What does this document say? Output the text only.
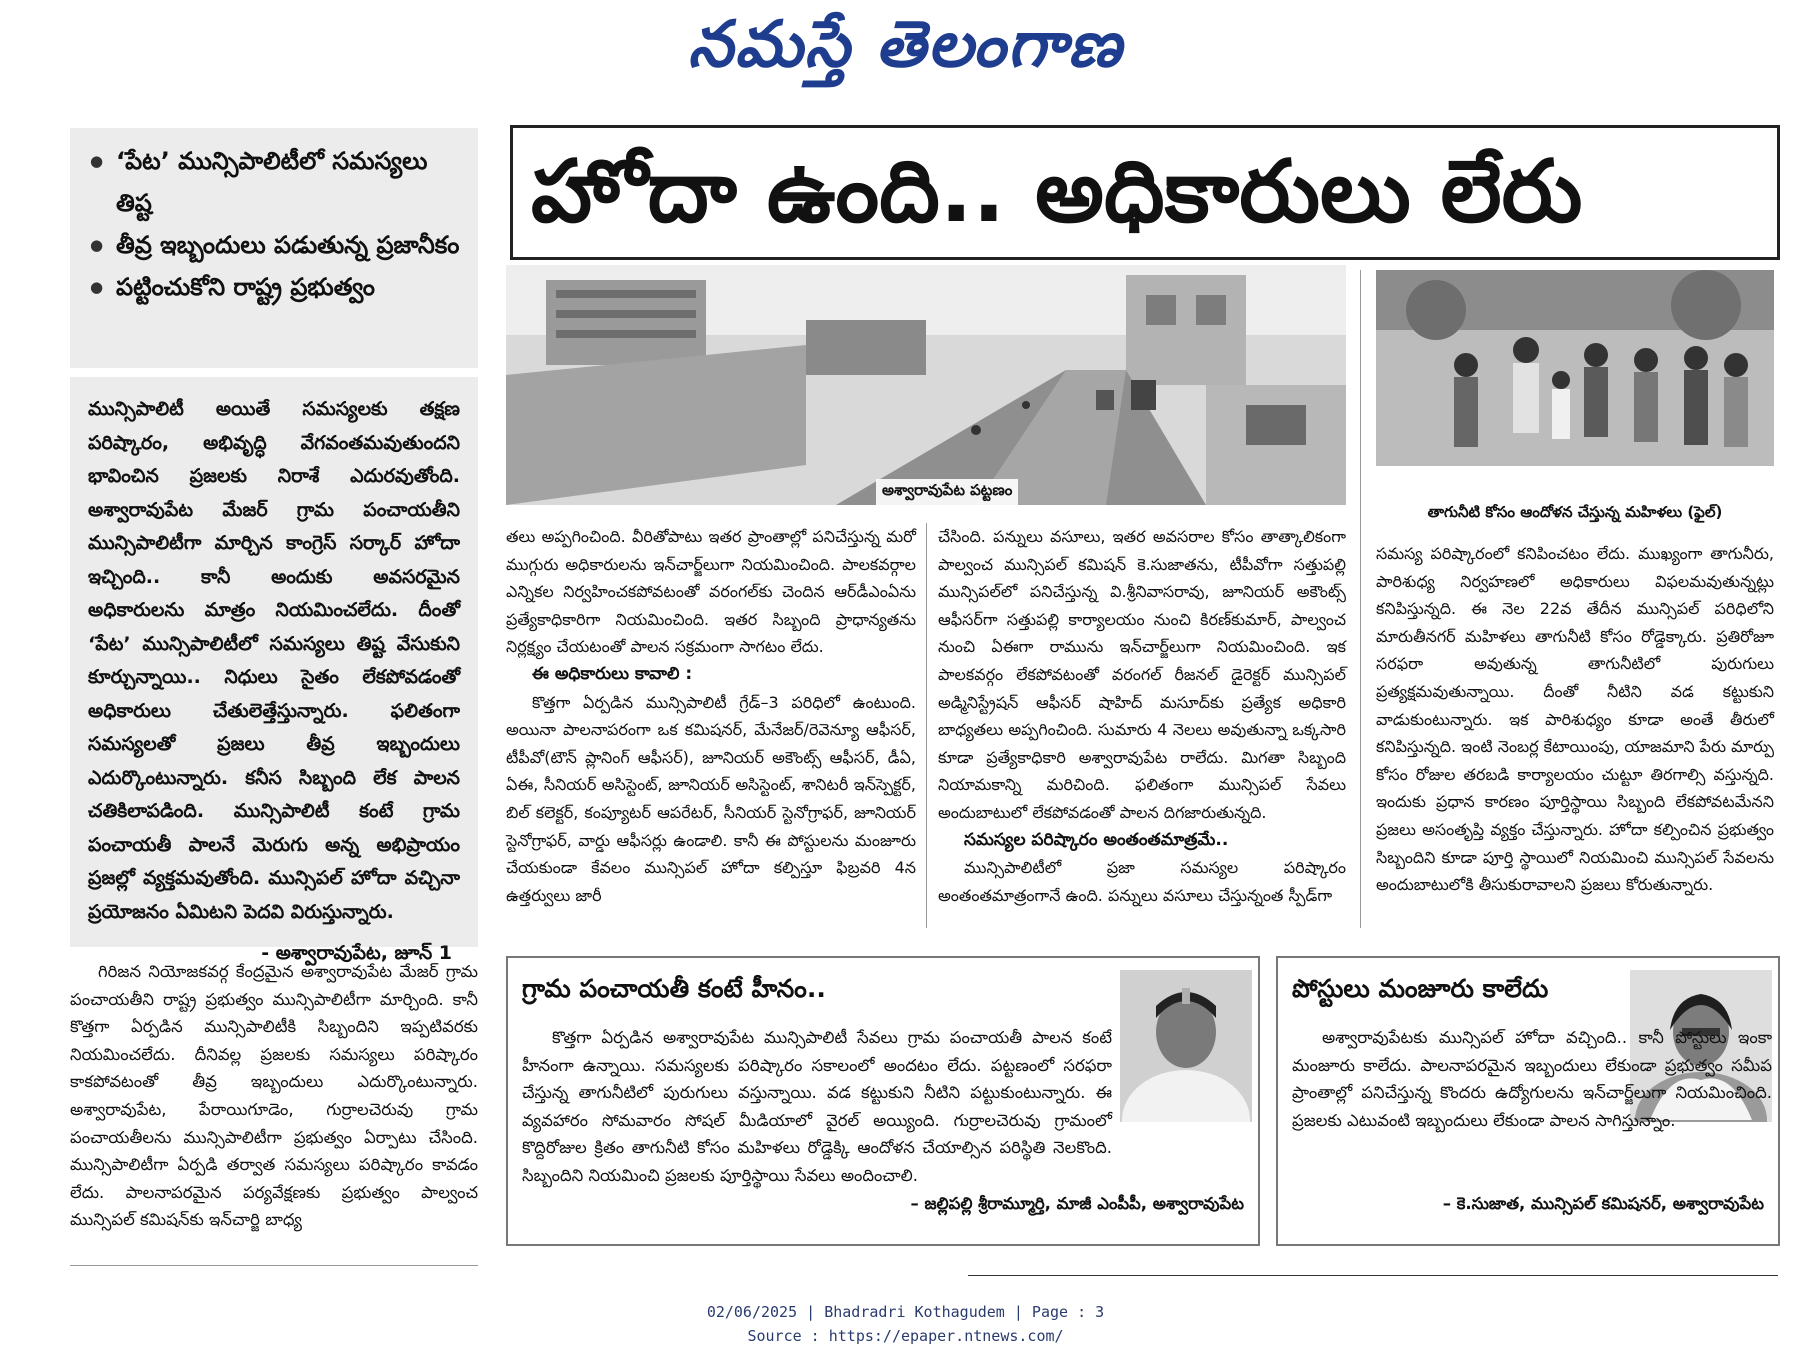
నమస్తే తెలంగాణ
● ‘పేట’ మున్సిపాలిటీలో సమస్యలు తిష్ట
● తీవ్ర ఇబ్బందులు పడుతున్న ప్రజానీకం
● పట్టించుకోని రాష్ట్ర ప్రభుత్వం

మున్సిపాలిటీ అయితే సమస్యలకు తక్షణ పరిష్కారం, అభివృద్ధి వేగవంతమవుతుందని భావించిన ప్రజలకు నిరాశే ఎదురవుతోంది. అశ్వారావుపేట మేజర్ గ్రామ పంచాయతీని మున్సిపాలిటీగా మార్చిన కాంగ్రెస్ సర్కార్ హోదా ఇచ్చింది.. కానీ అందుకు అవసరమైన అధికారులను మాత్రం నియమించలేదు. దీంతో ‘పేట’ మున్సిపాలిటీలో సమస్యలు తిష్ట వేసుకుని కూర్చున్నాయి.. నిధులు సైతం లేకపోవడంతో అధికారులు చేతులెత్తేస్తున్నారు. ఫలితంగా సమస్యలతో ప్రజలు తీవ్ర ఇబ్బందులు ఎదుర్కొంటున్నారు. కనీస సిబ్బంది లేక పాలన చతికిలాపడింది. మున్సిపాలిటీ కంటే గ్రామ పంచాయతీ పాలనే మెరుగు అన్న అభిప్రాయం ప్రజల్లో వ్యక్తమవుతోంది. మున్సిపల్ హోదా వచ్చినా ప్రయోజనం ఏమిటని పెదవి విరుస్తున్నారు.

- అశ్వారావుపేట, జూన్ 1

గిరిజన నియోజకవర్గ కేంద్రమైన అశ్వారావుపేట మేజర్ గ్రామ పంచాయతీని రాష్ట్ర ప్రభుత్వం మున్సిపాలిటీగా మార్చింది. కానీ కొత్తగా ఏర్పడిన మున్సిపాలిటీకి సిబ్బందిని ఇప్పటివరకు నియమించలేదు. దీనివల్ల ప్రజలకు సమస్యలు పరిష్కారం కాకపోవటంతో తీవ్ర ఇబ్బందులు ఎదుర్కొంటున్నారు. అశ్వారావుపేట, పేరాయిగూడెం, గుర్రాలచెరువు గ్రామ పంచాయతీలను మున్సిపాలిటీగా ప్రభుత్వం ఏర్పాటు చేసింది. మున్సిపాలిటీగా ఏర్పడి తర్వాత సమస్యలు పరిష్కారం కావడం లేదు. పాలనాపరమైన పర్యవేక్షణకు ప్రభుత్వం పాల్వంచ మున్సిపల్ కమిషన్‌కు ఇన్‌చార్జి బాధ్య

హోదా ఉంది.. అధికారులు లేరు
అశ్వారావుపేట పట్టణం
తాగునీటి కోసం ఆందోళన చేస్తున్న మహిళలు (ఫైల్)

తలు అప్పగించింది. వీరితోపాటు ఇతర ప్రాంతాల్లో పనిచేస్తున్న మరో ముగ్గురు అధికారులను ఇన్‌చార్జ్‌లుగా నియమించింది. పాలకవర్గాల ఎన్నికల నిర్వహించకపోవటంతో వరంగల్‌కు చెందిన ఆర్‌డీఎంఏను ప్రత్యేకాధికారిగా నియమించింది. ఇతర సిబ్బంది ప్రాధాన్యతను నిర్లక్ష్యం చేయటంతో పాలన సక్రమంగా సాగటం లేదు.

ఈ అధికారులు కావాలి :

కొత్తగా ఏర్పడిన మున్సిపాలిటీ గ్రేడ్–3 పరిధిలో ఉంటుంది. అయినా పాలనాపరంగా ఒక కమిషనర్, మేనేజర్/రెవెన్యూ ఆఫీసర్, టీపీవో(టౌన్ ప్లానింగ్ ఆఫీసర్), జూనియర్ అకౌంట్స్ ఆఫీసర్, డీఏ, ఏఈ, సీనియర్ అసిస్టెంట్, జూనియర్ అసిస్టెంట్, శానిటరీ ఇన్‌స్పెక్టర్, బిల్ కలెక్టర్, కంప్యూటర్ ఆపరేటర్, సీనియర్ స్టెనోగ్రాఫర్, జూనియర్ స్టెనోగ్రాఫర్, వార్డు ఆఫీసర్లు ఉండాలి. కానీ ఈ పోస్టులను మంజూరు చేయకుండా కేవలం మున్సిపల్ హోదా కల్పిస్తూ ఫిబ్రవరి 4న ఉత్తర్వులు జారీ

చేసింది. పన్నులు వసూలు, ఇతర అవసరాల కోసం తాత్కాలికంగా పాల్వంచ మున్సిపల్ కమిషన్ కె.సుజాతను, టీపీవోగా సత్తుపల్లి మున్సిపల్‌లో పనిచేస్తున్న వి.శ్రీనివాసరావు, జూనియర్ అకౌంట్స్ ఆఫీసర్‌గా సత్తుపల్లి కార్యాలయం నుంచి కిరణ్‌కుమార్, పాల్వంచ నుంచి ఏఈగా రామును ఇన్‌చార్జ్‌లుగా నియమించింది. ఇక పాలకవర్గం లేకపోవటంతో వరంగల్ రీజనల్ డైరెక్టర్ మున్సిపల్ అడ్మినిస్ట్రేషన్ ఆఫీసర్ షాహిద్ మసూద్‌కు ప్రత్యేక అధికారి బాధ్యతలు అప్పగించింది. సుమారు 4 నెలలు అవుతున్నా ఒక్కసారి కూడా ప్రత్యేకాధికారి అశ్వారావుపేట రాలేదు. మిగతా సిబ్బంది నియామకాన్ని మరిచింది. ఫలితంగా మున్సిపల్ సేవలు అందుబాటులో లేకపోవడంతో పాలన దిగజారుతున్నది.

సమస్యల పరిష్కారం అంతంతమాత్రమే..

మున్సిపాలిటీలో ప్రజా సమస్యల పరిష్కారం అంతంతమాత్రంగానే ఉంది. పన్నులు వసూలు చేస్తున్నంత స్పీడ్‌గా

సమస్య పరిష్కారంలో కనిపించటం లేదు. ముఖ్యంగా తాగునీరు, పారిశుధ్య నిర్వహణలో అధికారులు విఫలమవుతున్నట్లు కనిపిస్తున్నది. ఈ నెల 22వ తేదీన మున్సిపల్ పరిధిలోని మారుతీనగర్ మహిళలు తాగునీటి కోసం రోడ్డెక్కారు. ప్రతిరోజూ సరఫరా అవుతున్న తాగునీటిలో పురుగులు ప్రత్యక్షమవుతున్నాయి. దీంతో నీటిని వడ కట్టుకుని వాడుకుంటున్నారు. ఇక పారిశుధ్యం కూడా అంతే తీరులో కనిపిస్తున్నది. ఇంటి నెంబర్ల కేటాయింపు, యాజమాని పేరు మార్పు కోసం రోజుల తరబడి కార్యాలయం చుట్టూ తిరగాల్సి వస్తున్నది. ఇందుకు ప్రధాన కారణం పూర్తిస్థాయి సిబ్బంది లేకపోవటమేనని ప్రజలు అసంతృప్తి వ్యక్తం చేస్తున్నారు. హోదా కల్పించిన ప్రభుత్వం సిబ్బందిని కూడా పూర్తి స్థాయిలో నియమించి మున్సిపల్ సేవలను అందుబాటులోకి తీసుకురావాలని ప్రజలు కోరుతున్నారు.

గ్రామ పంచాయతీ కంటే హీనం..

కొత్తగా ఏర్పడిన అశ్వారావుపేట మున్సిపాలిటీ సేవలు గ్రామ పంచాయతీ పాలన కంటే హీనంగా ఉన్నాయి. సమస్యలకు పరిష్కారం సకాలంలో అందటం లేదు. పట్టణంలో సరఫరా చేస్తున్న తాగునీటిలో పురుగులు వస్తున్నాయి. వడ కట్టుకుని నీటిని పట్టుకుంటున్నారు. ఈ వ్యవహారం సోమవారం సోషల్ మీడియాలో వైరల్ అయ్యింది. గుర్రాలచెరువు గ్రామంలో కొద్దిరోజుల క్రితం తాగునీటి కోసం మహిళలు రోడ్డెక్కి ఆందోళన చేయాల్సిన పరిస్థితి నెలకొంది. సిబ్బందిని నియమించి ప్రజలకు పూర్తిస్థాయి సేవలు అందించాలి.

– జల్లిపల్లి శ్రీరామ్మూర్తి, మాజీ ఎంపీపీ, అశ్వారావుపేట
పోస్టులు మంజూరు కాలేదు

అశ్వారావుపేటకు మున్సిపల్ హోదా వచ్చింది.. కానీ పోస్టులు ఇంకా మంజూరు కాలేదు. పాలనాపరమైన ఇబ్బందులు లేకుండా ప్రభుత్వం సమీప ప్రాంతాల్లో పనిచేస్తున్న కొందరు ఉద్యోగులను ఇన్‌చార్జ్‌లుగా నియమించింది. ప్రజలకు ఎటువంటి ఇబ్బందులు లేకుండా పాలన సాగిస్తున్నాం.

– కె.సుజాత, మున్సిపల్ కమిషనర్, అశ్వారావుపేట
02/06/2025 | Bhadradri Kothagudem | Page : 3
Source : https://epaper.ntnews.com/
